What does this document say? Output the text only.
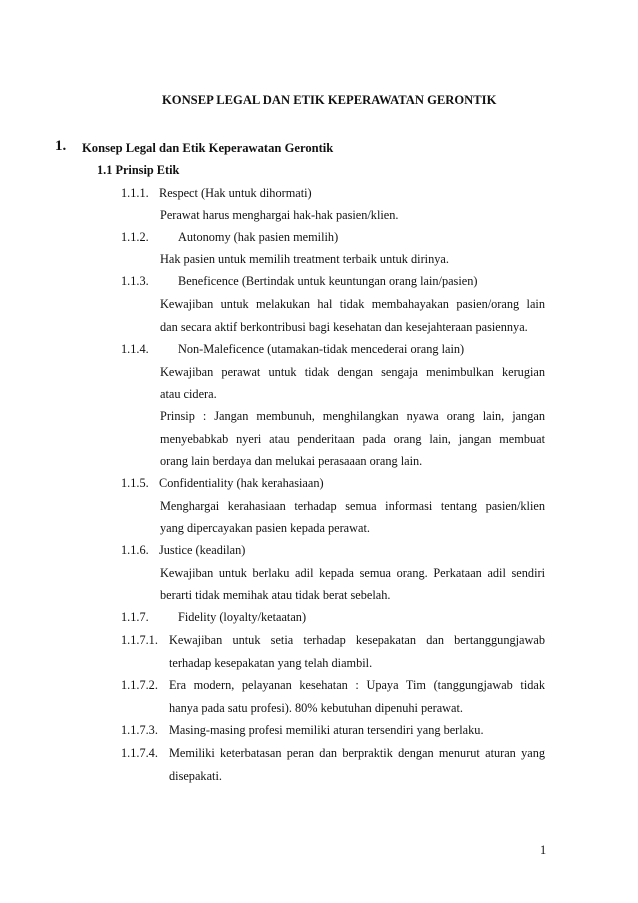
KONSEP LEGAL DAN ETIK KEPERAWATAN GERONTIK
1. Konsep Legal dan Etik Keperawatan Gerontik
1.1 Prinsip Etik
1.1.1. Respect (Hak untuk dihormati)
Perawat harus menghargai hak-hak pasien/klien.
1.1.2. Autonomy (hak pasien memilih)
Hak pasien untuk memilih treatment terbaik untuk dirinya.
1.1.3. Beneficence (Bertindak untuk keuntungan orang lain/pasien)
Kewajiban untuk melakukan hal tidak membahayakan pasien/orang lain
dan secara aktif berkontribusi bagi kesehatan dan kesejahteraan pasiennya.
1.1.4. Non-Maleficence (utamakan-tidak mencederai orang lain)
Kewajiban perawat untuk tidak dengan sengaja menimbulkan kerugian
atau cidera.
Prinsip : Jangan membunuh, menghilangkan nyawa orang lain, jangan
menyebabkab nyeri atau penderitaan pada orang lain, jangan membuat
orang lain berdaya dan melukai perasaaan orang lain.
1.1.5. Confidentiality (hak kerahasiaan)
Menghargai kerahasiaan terhadap semua informasi tentang pasien/klien
yang dipercayakan pasien kepada perawat.
1.1.6. Justice (keadilan)
Kewajiban untuk berlaku adil kepada semua orang. Perkataan adil sendiri
berarti tidak memihak atau tidak berat sebelah.
1.1.7. Fidelity (loyalty/ketaatan)
1.1.7.1. Kewajiban untuk setia terhadap kesepakatan dan bertanggungjawab
terhadap kesepakatan yang telah diambil.
1.1.7.2. Era modern, pelayanan kesehatan : Upaya Tim (tanggungjawab tidak
hanya pada satu profesi). 80% kebutuhan dipenuhi perawat.
1.1.7.3. Masing-masing profesi memiliki aturan tersendiri yang berlaku.
1.1.7.4. Memiliki keterbatasan peran dan berpraktik dengan menurut aturan yang
disepakati.
1
